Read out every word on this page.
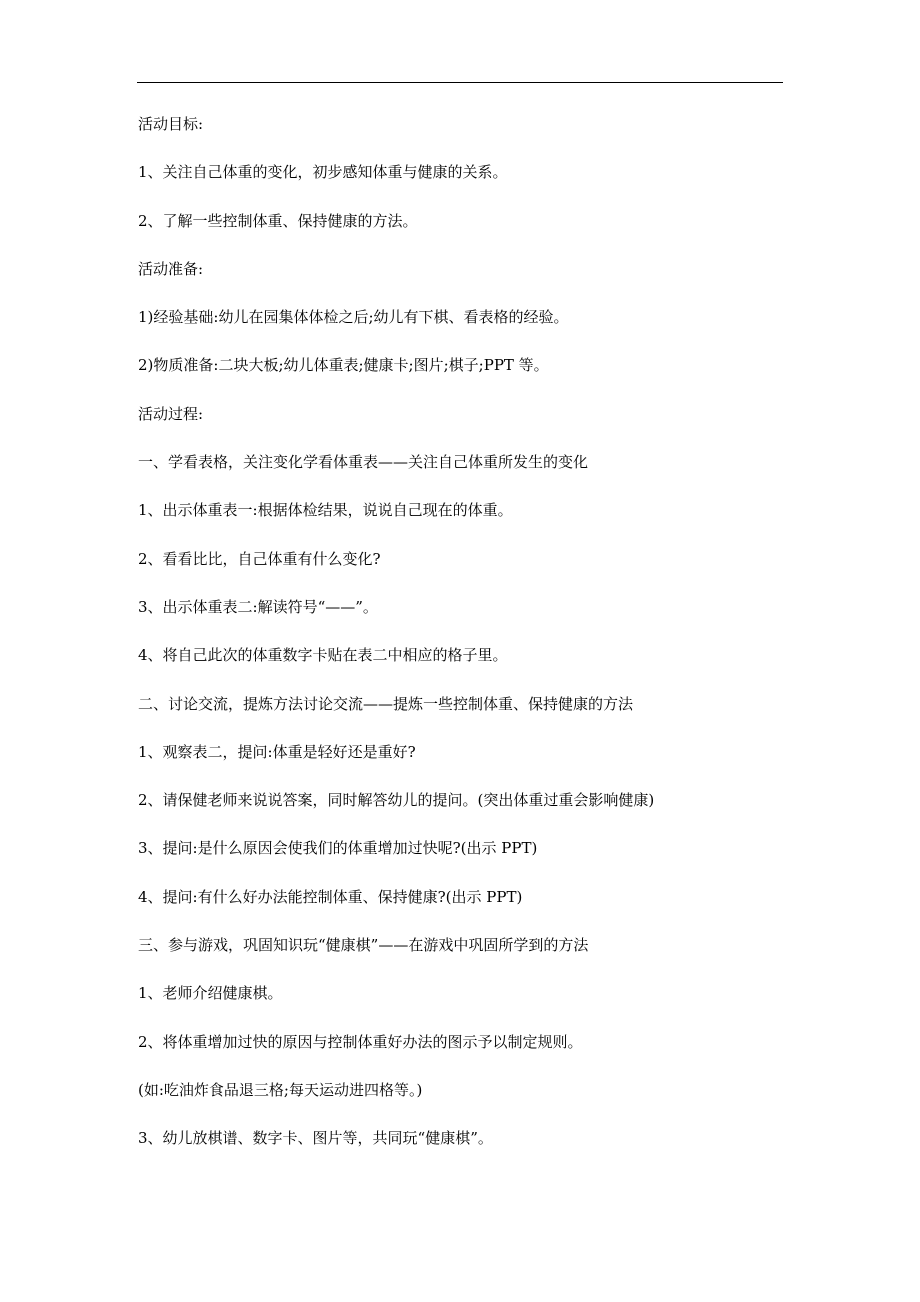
活动目标:

1、关注自己体重的变化，初步感知体重与健康的关系。

2、了解一些控制体重、保持健康的方法。

活动准备:

1)经验基础:幼儿在园集体体检之后;幼儿有下棋、看表格的经验。

2)物质准备:二块大板;幼儿体重表;健康卡;图片;棋子;PPT 等。

活动过程:

一、学看表格，关注变化学看体重表——关注自己体重所发生的变化

1、出示体重表一:根据体检结果，说说自己现在的体重。

2、看看比比，自己体重有什么变化?

3、出示体重表二:解读符号“——”。

4、将自己此次的体重数字卡贴在表二中相应的格子里。

二、讨论交流，提炼方法讨论交流——提炼一些控制体重、保持健康的方法

1、观察表二，提问:体重是轻好还是重好?

2、请保健老师来说说答案，同时解答幼儿的提问。(突出体重过重会影响健康)

3、提问:是什么原因会使我们的体重增加过快呢?(出示 PPT)

4、提问:有什么好办法能控制体重、保持健康?(出示 PPT)

三、参与游戏，巩固知识玩“健康棋”——在游戏中巩固所学到的方法

1、老师介绍健康棋。

2、将体重增加过快的原因与控制体重好办法的图示予以制定规则。

(如:吃油炸食品退三格;每天运动进四格等。)

3、幼儿放棋谱、数字卡、图片等，共同玩“健康棋”。
